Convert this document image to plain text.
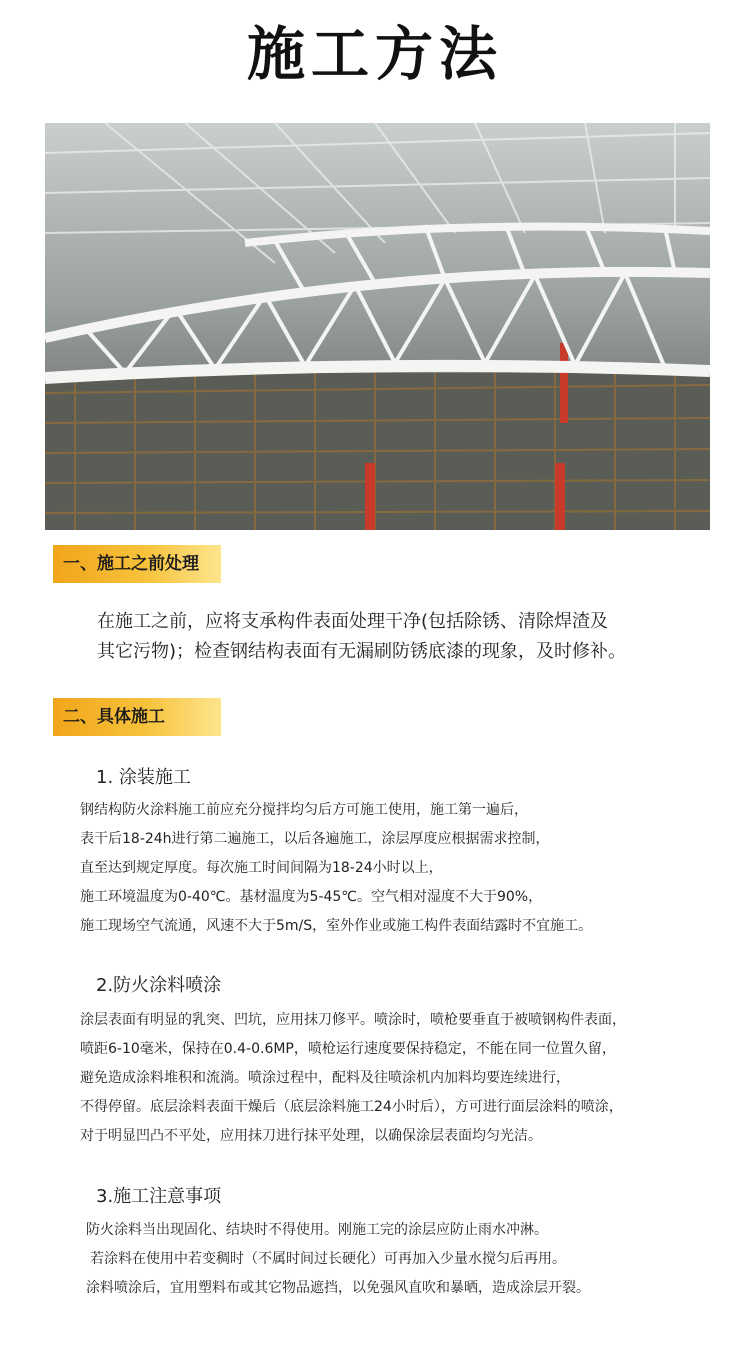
施工方法
一、施工之前处理
在施工之前，应将支承构件表面处理干净(包括除锈、清除焊渣及
其它污物)；检查钢结构表面有无漏刷防锈底漆的现象，及时修补。
二、具体施工
1. 涂装施工
钢结构防火涂料施工前应充分搅拌均匀后方可施工使用，施工第一遍后，
表干后18-24h进行第二遍施工，以后各遍施工，涂层厚度应根据需求控制，
直至达到规定厚度。每次施工时间间隔为18-24小时以上，
施工环境温度为0-40℃。基材温度为5-45℃。空气相对湿度不大于90%，
施工现场空气流通，风速不大于5m/S，室外作业或施工构件表面结露时不宜施工。
2.防火涂料喷涂
涂层表面有明显的乳突、凹坑，应用抹刀修平。喷涂时，喷枪要垂直于被喷钢构件表面，
喷距6-10毫米，保持在0.4-0.6MP，喷枪运行速度要保持稳定，不能在同一位置久留，
避免造成涂料堆积和流淌。喷涂过程中，配料及往喷涂机内加料均要连续进行，
不得停留。底层涂料表面干燥后（底层涂料施工24小时后），方可进行面层涂料的喷涂，
对于明显凹凸不平处，应用抹刀进行抹平处理，以确保涂层表面均匀光洁。
3.施工注意事项
防火涂料当出现固化、结块时不得使用。刚施工完的涂层应防止雨水冲淋。
若涂料在使用中若变稠时（不属时间过长硬化）可再加入少量水搅匀后再用。
涂料喷涂后，宜用塑料布或其它物品遮挡，以免强风直吹和暴晒，造成涂层开裂。
